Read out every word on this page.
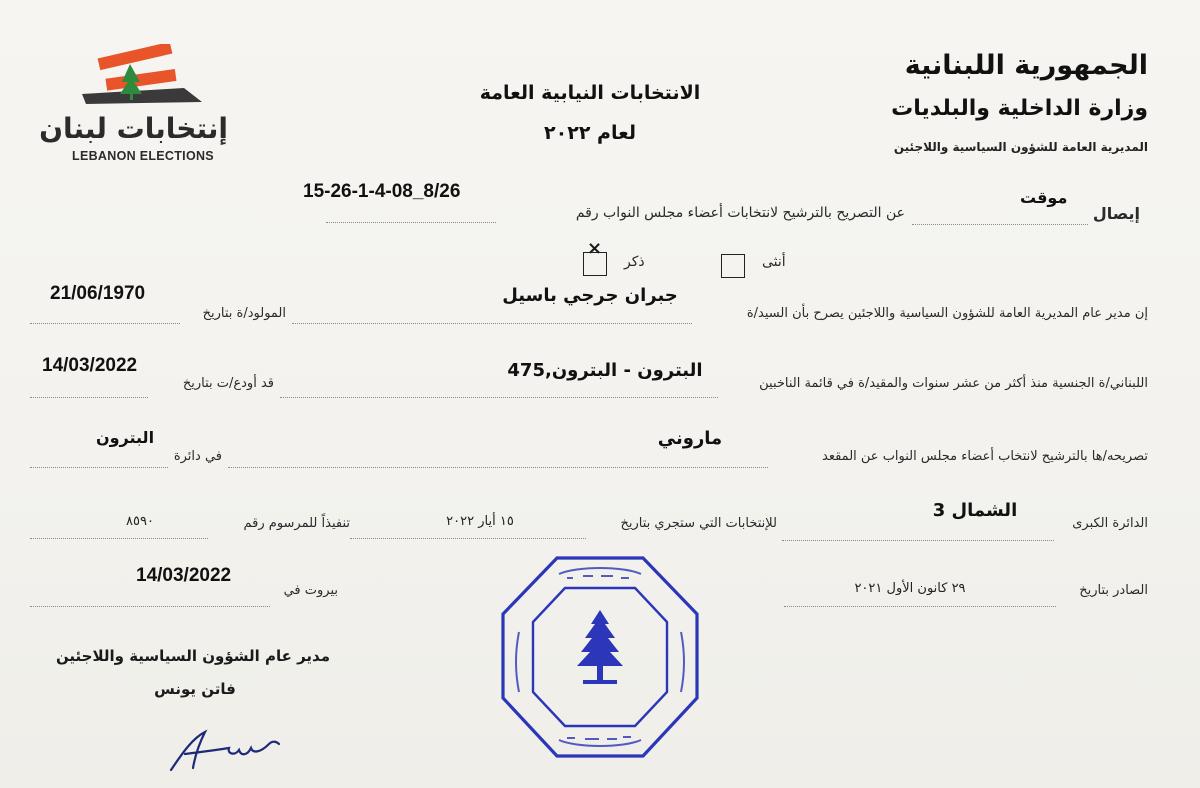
إنتخابات لبنان
LEBANON ELECTIONS
الجمهورية اللبنانية
وزارة الداخلية والبلديات
المديرية العامة للشؤون السياسية واللاجئين
الانتخابات النيابية العامة
لعام ٢٠٢٢
إيصال
موقت
عن التصريح بالترشيح لانتخابات أعضاء مجلس النواب رقم
15-26-1-4-08_8/26
أنثى
×
ذكر
إن مدير عام المديرية العامة للشؤون السياسية واللاجئين يصرح بأن السيد/ة
جبران جرجي باسيل
المولود/ة بتاريخ
21/06/1970
اللبناني/ة الجنسية منذ أكثر من عشر سنوات والمقيد/ة في قائمة الناخبين
البترون - البترون,475
قد أودع/ت بتاريخ
14/03/2022
تصريحه/ها بالترشيح لانتخاب أعضاء مجلس النواب عن المقعد
ماروني
في دائرة
البترون
الدائرة الكبرى
الشمال 3
للإنتخابات التي ستجري بتاريخ
١٥ أيار ٢٠٢٢
تنفيذاً للمرسوم رقم
٨٥٩٠
الصادر بتاريخ
٢٩ كانون الأول ٢٠٢١
بيروت في
14/03/2022
مدير عام الشؤون السياسية واللاجئين
فاتن يونس
